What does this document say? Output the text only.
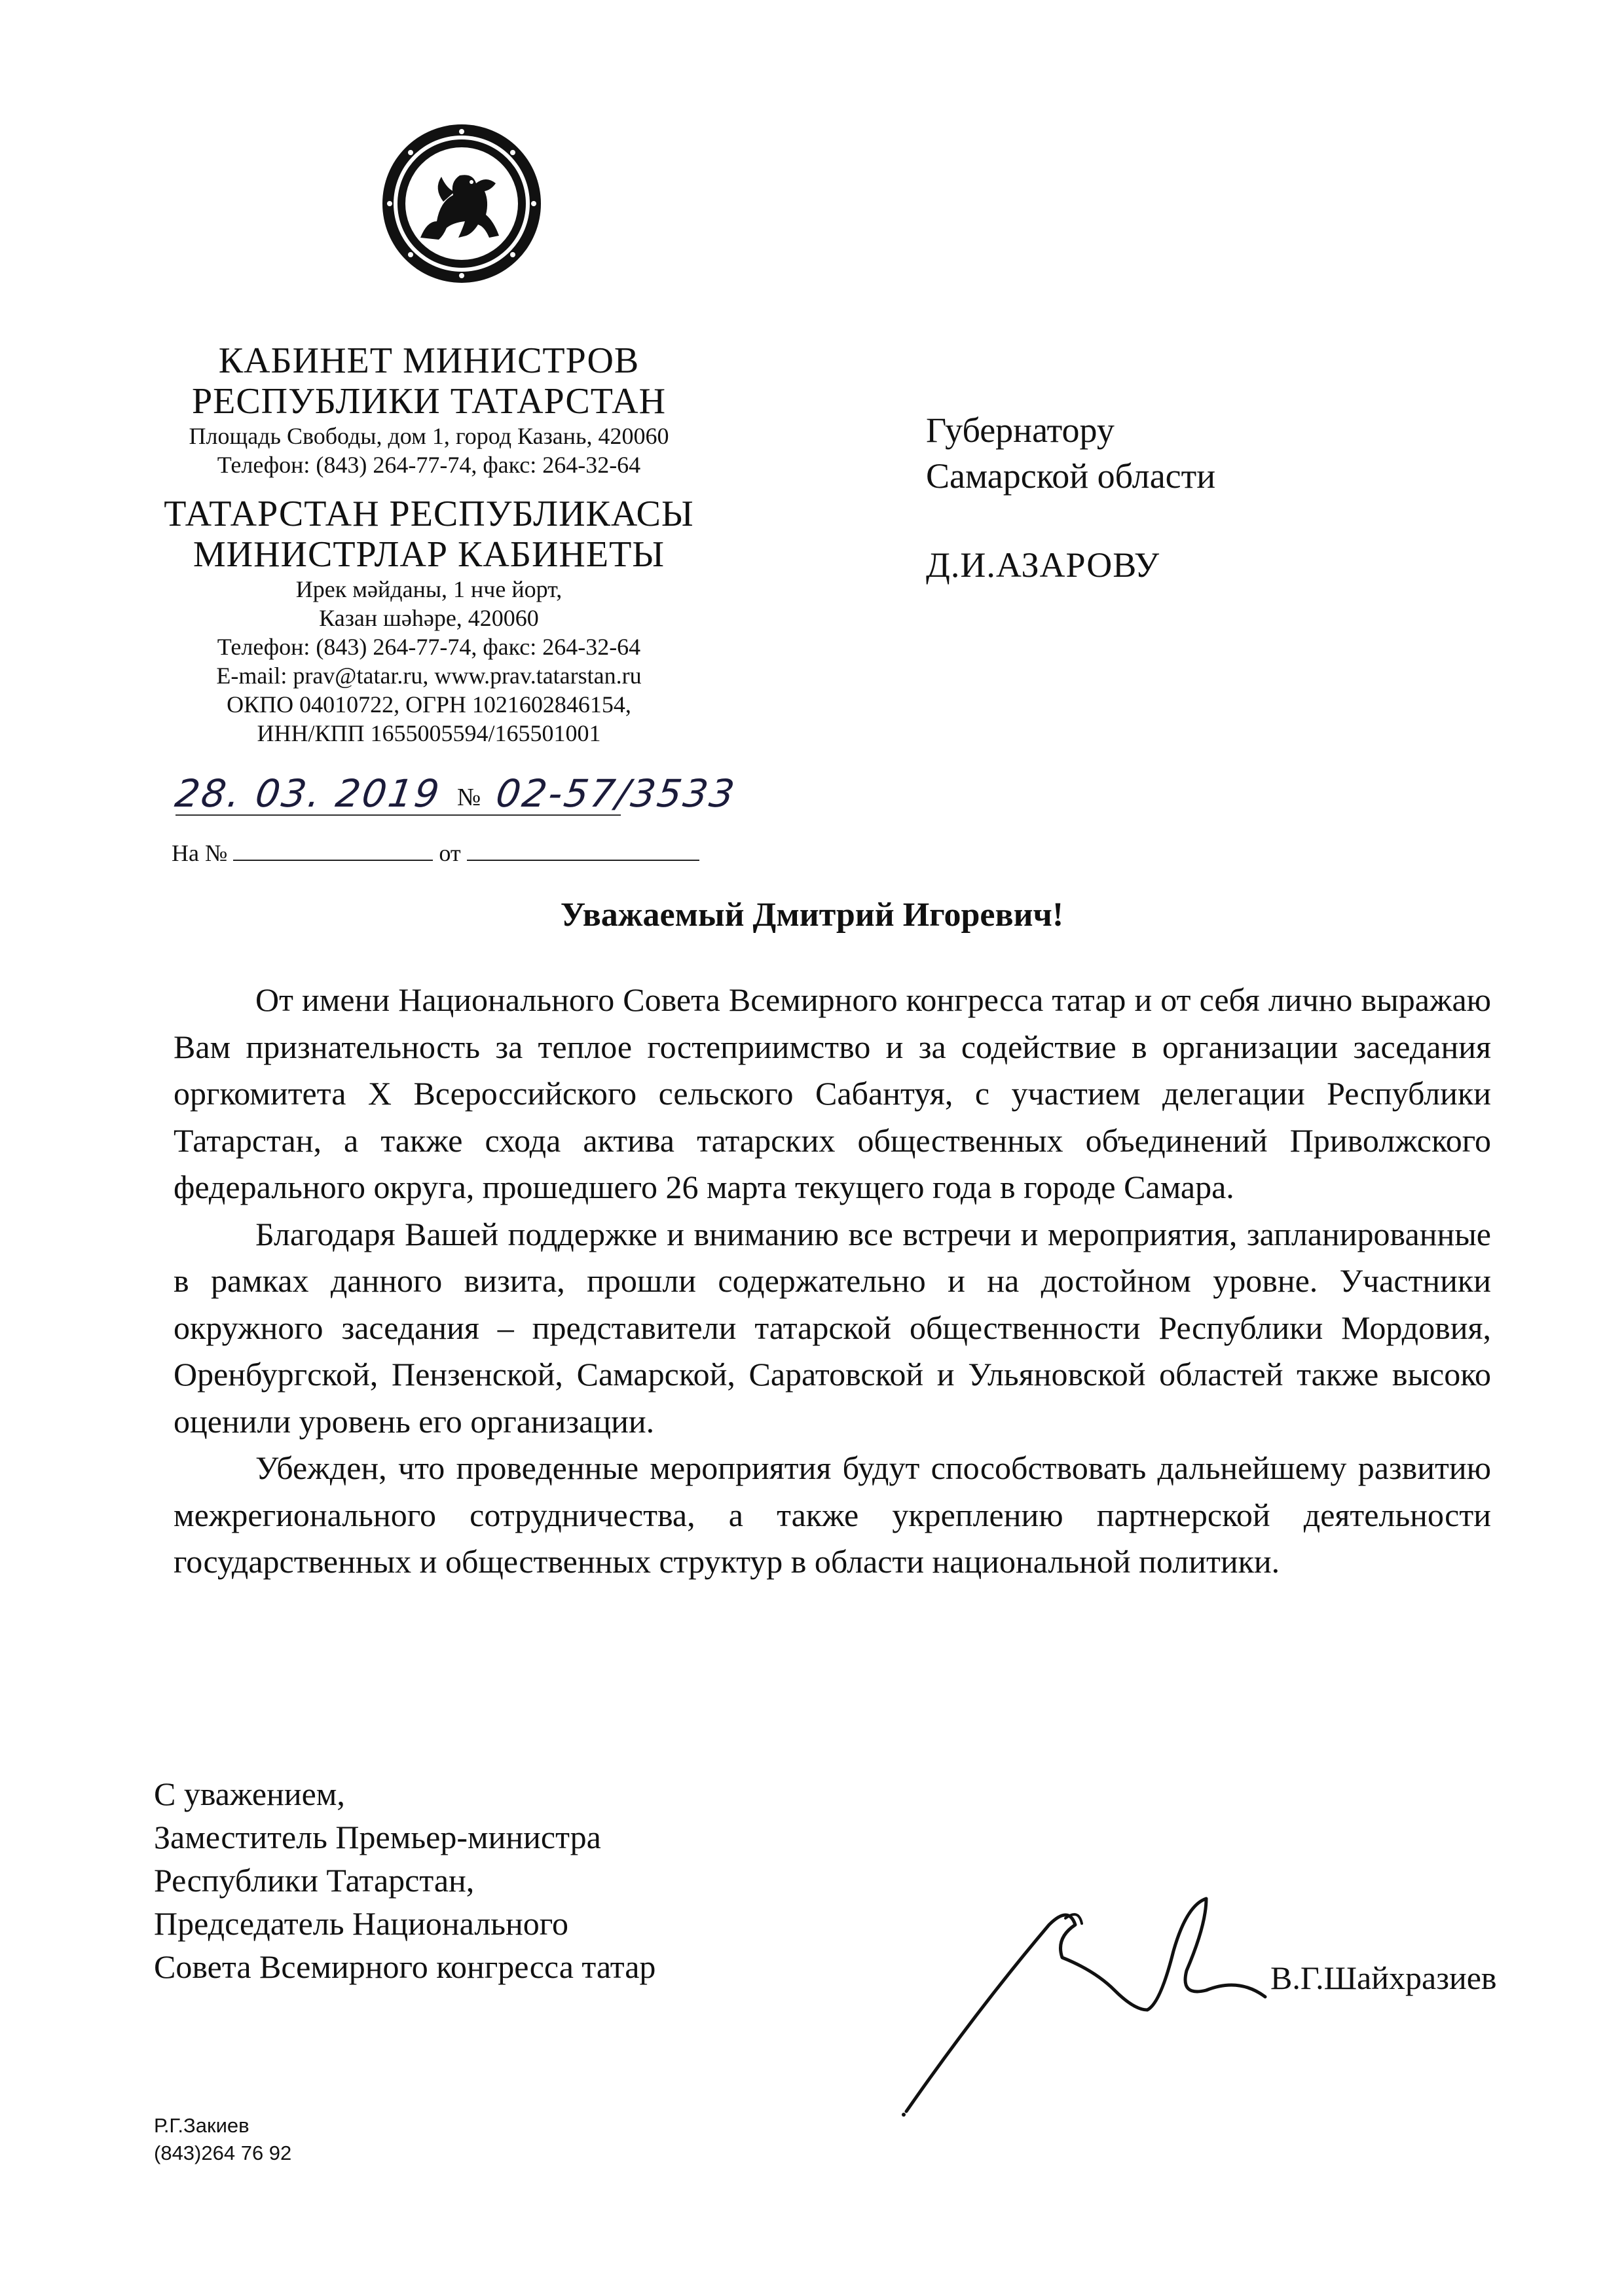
КАБИНЕТ МИНИСТРОВ

РЕСПУБЛИКИ ТАТАРСТАН

Площадь Свободы, дом 1, город Казань, 420060

Телефон: (843) 264-77-74, факс: 264-32-64

ТАТАРСТАН РЕСПУБЛИКАСЫ

МИНИСТРЛАР КАБИНЕТЫ

Ирек мәйданы, 1 нче йорт,

Казан шәһәре, 420060

Телефон: (843) 264-77-74, факс: 264-32-64

E-mail: prav@tatar.ru, www.prav.tatarstan.ru

ОКПО 04010722, ОГРН 1021602846154,

ИНН/КПП 1655005594/165501001

28. 03. 2019 № 02-57/3533
На №	от

Губернатору

Самарской области

Д.И.АЗАРОВУ

Уважаемый Дмитрий Игоревич!

От имени Национального Совета Всемирного конгресса татар и от себя лично выражаю Вам признательность за теплое гостеприимство и за содействие в организации заседания оргкомитета X Всероссийского сельского Сабантуя, с участием делегации Республики Татарстан, а также схода актива татарских общественных объединений Приволжского федерального округа, прошедшего 26 марта текущего года в городе Самара.

Благодаря Вашей поддержке и вниманию все встречи и мероприятия, запланированные в рамках данного визита, прошли содержательно и на достойном уровне. Участники окружного заседания – представители татарской общественности Республики Мордовия, Оренбургской, Пензенской, Самарской, Саратовской и Ульяновской областей также высоко оценили уровень его организации.

Убежден, что проведенные мероприятия будут способствовать дальнейшему развитию межрегионального сотрудничества, а также укреплению партнерской деятельности государственных и общественных структур в области национальной политики.

С уважением,

Заместитель Премьер-министра

Республики Татарстан,

Председатель Национального

Совета Всемирного конгресса татар	В.Г.Шайхразиев

Р.Г.Закиев

(843)264 76 92
